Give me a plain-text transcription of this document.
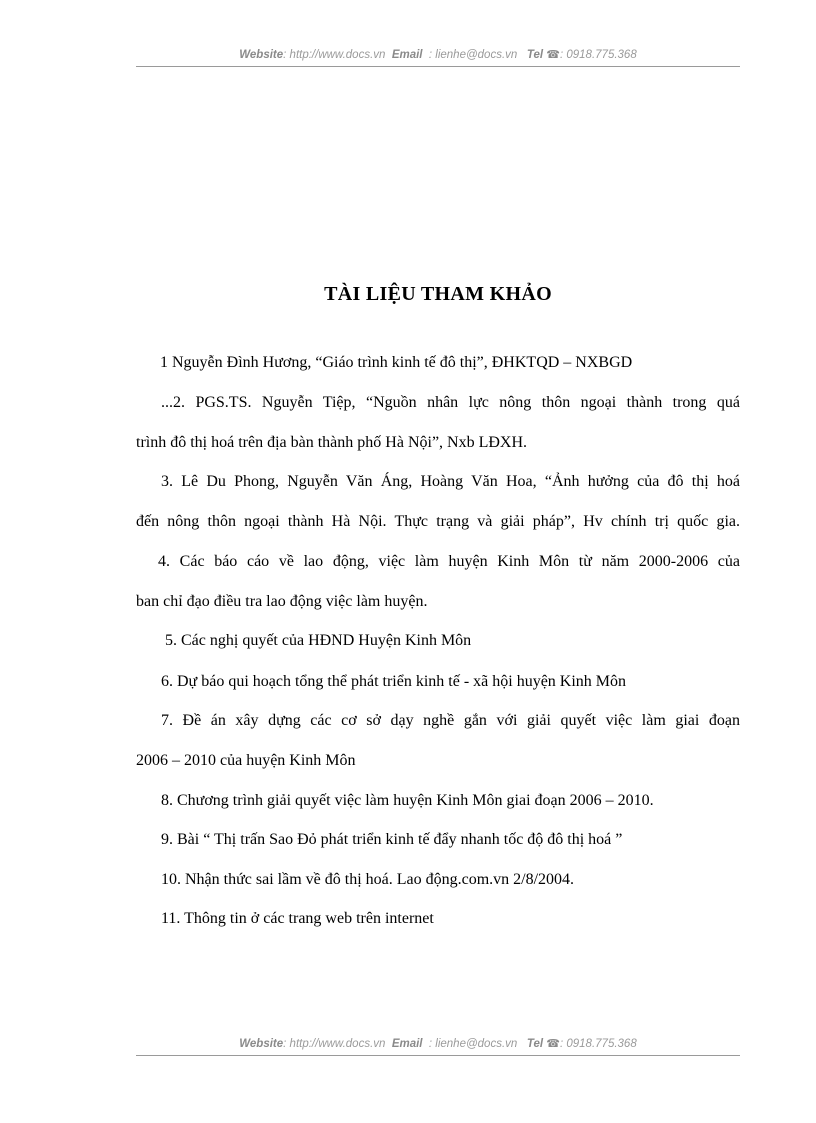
Website: http://www.docs.vn Email : lienhe@docs.vn Tel ☎: 0918.775.368
TÀI LIỆU THAM KHẢO
1 Nguyễn Đình Hương, “Giáo trình kinh tế đô thị”, ĐHKTQD – NXBGD
...2. PGS.TS. Nguyễn Tiệp, “Nguồn nhân lực nông thôn ngoại thành trong quá
trình đô thị hoá trên địa bàn thành phố Hà Nội”, Nxb LĐXH.
3. Lê Du Phong, Nguyễn Văn Áng, Hoàng Văn Hoa, “Ảnh hưởng của đô thị hoá
đến nông thôn ngoại thành Hà Nội. Thực trạng và giải pháp”, Hv chính trị quốc gia.
4. Các báo cáo về lao động, việc làm huyện Kinh Môn từ năm 2000-2006 của
ban chỉ đạo điều tra lao động việc làm huyện.
5. Các nghị quyết của HĐND Huyện Kinh Môn
6. Dự báo qui hoạch tổng thể phát triển kinh tế - xã hội huyện Kinh Môn
7. Đề án xây dựng các cơ sở dạy nghề gắn với giải quyết việc làm giai đoạn
2006 – 2010 của huyện Kinh Môn
8. Chương trình giải quyết việc làm huyện Kinh Môn giai đoạn 2006 – 2010.
9. Bài “ Thị trấn Sao Đỏ phát triển kinh tế đẩy nhanh tốc độ đô thị hoá ”
10. Nhận thức sai lầm về đô thị hoá. Lao động.com.vn 2/8/2004.
11. Thông tin ở các trang web trên internet
Website: http://www.docs.vn Email : lienhe@docs.vn Tel ☎: 0918.775.368
